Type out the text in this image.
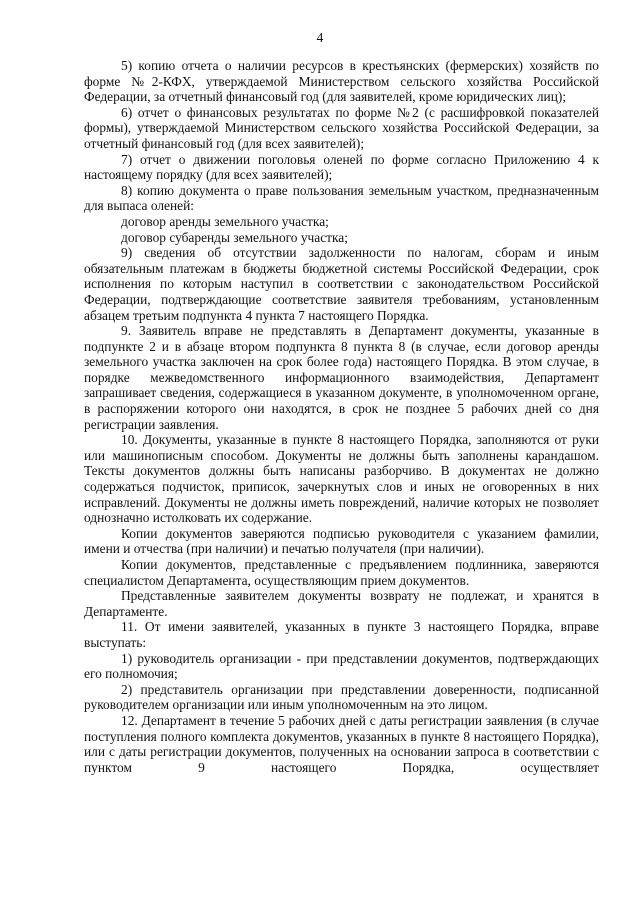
4

5) копию отчета о наличии ресурсов в крестьянских (фермерских) хозяйств по форме №2-КФХ, утверждаемой Министерством сельского хозяйства Российской Федерации, за отчетный финансовый год (для заявителей, кроме юридических лиц);

6) отчет о финансовых результатах по форме №2 (с расшифровкой показателей формы), утверждаемой Министерством сельского хозяйства Российской Федерации, за отчетный финансовый год (для всех заявителей);

7) отчет о движении поголовья оленей по форме согласно Приложению 4 к настоящему порядку (для всех заявителей);

8) копию документа о праве пользования земельным участком, предназначенным для выпаса оленей:

договор аренды земельного участка;

договор субаренды земельного участка;

9) сведения об отсутствии задолженности по налогам, сборам и иным обязательным платежам в бюджеты бюджетной системы Российской Федерации, срок исполнения по которым наступил в соответствии с законодательством Российской Федерации, подтверждающие соответствие заявителя требованиям, установленным абзацем третьим подпункта 4 пункта 7 настоящего Порядка.

9. Заявитель вправе не представлять в Департамент документы, указанные в подпункте 2 и в абзаце втором подпункта 8 пункта 8 (в случае, если договор аренды земельного участка заключен на срок более года) настоящего Порядка. В этом случае, в порядке межведомственного информационного взаимодействия, Департамент запрашивает сведения, содержащиеся в указанном документе, в уполномоченном органе, в распоряжении которого они находятся, в срок не позднее 5 рабочих дней со дня регистрации заявления.

10. Документы, указанные в пункте 8 настоящего Порядка, заполняются от руки или машинописным способом. Документы не должны быть заполнены карандашом. Тексты документов должны быть написаны разборчиво. В документах не должно содержаться подчисток, приписок, зачеркнутых слов и иных не оговоренных в них исправлений. Документы не должны иметь повреждений, наличие которых не позволяет однозначно истолковать их содержание.

Копии документов заверяются подписью руководителя с указанием фамилии, имени и отчества (при наличии) и печатью получателя (при наличии).

Копии документов, представленные с предъявлением подлинника, заверяются специалистом Департамента, осуществляющим прием документов.

Представленные заявителем документы возврату не подлежат, и хранятся в Департаменте.

11. От имени заявителей, указанных в пункте 3 настоящего Порядка, вправе выступать:

1) руководитель организации - при представлении документов, подтверждающих его полномочия;

2) представитель организации при представлении доверенности, подписанной руководителем организации или иным уполномоченным на это лицом.

12. Департамент в течение 5 рабочих дней с даты регистрации заявления (в случае поступления полного комплекта документов, указанных в пункте 8 настоящего Порядка), или с даты регистрации документов, полученных на основании запроса в соответствии с пунктом 9 настоящего Порядка, осуществляет
